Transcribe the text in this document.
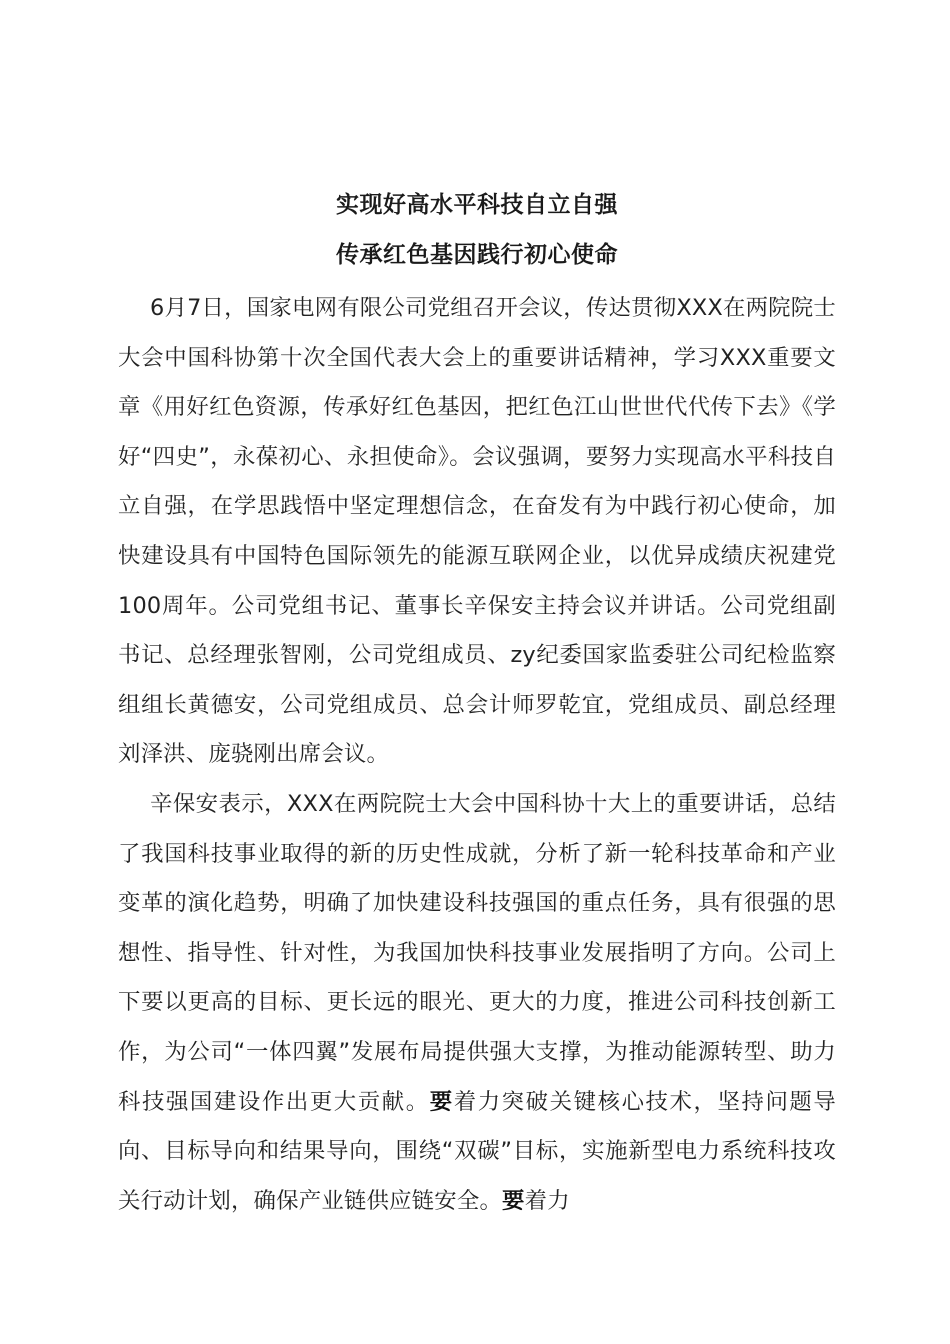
实现好高水平科技自立自强
传承红色基因践行初心使命

6月7日，国家电网有限公司党组召开会议，传达贯彻XXX在两院院士大会中国科协第十次全国代表大会上的重要讲话精神，学习XXX重要文章《用好红色资源，传承好红色基因，把红色江山世世代代传下去》《学好“四史”，永葆初心、永担使命》。会议强调，要努力实现高水平科技自立自强，在学思践悟中坚定理想信念，在奋发有为中践行初心使命，加快建设具有中国特色国际领先的能源互联网企业，以优异成绩庆祝建党100周年。公司党组书记、董事长辛保安主持会议并讲话。公司党组副书记、总经理张智刚，公司党组成员、zy纪委国家监委驻公司纪检监察组组长黄德安，公司党组成员、总会计师罗乾宜，党组成员、副总经理刘泽洪、庞骁刚出席会议。

辛保安表示，XXX在两院院士大会中国科协十大上的重要讲话，总结了我国科技事业取得的新的历史性成就，分析了新一轮科技革命和产业变革的演化趋势，明确了加快建设科技强国的重点任务，具有很强的思想性、指导性、针对性，为我国加快科技事业发展指明了方向。公司上下要以更高的目标、更长远的眼光、更大的力度，推进公司科技创新工作，为公司“一体四翼”发展布局提供强大支撑，为推动能源转型、助力科技强国建设作出更大贡献。要着力突破关键核心技术，坚持问题导向、目标导向和结果导向，围绕“双碳”目标，实施新型电力系统科技攻关行动计划，确保产业链供应链安全。要着力
